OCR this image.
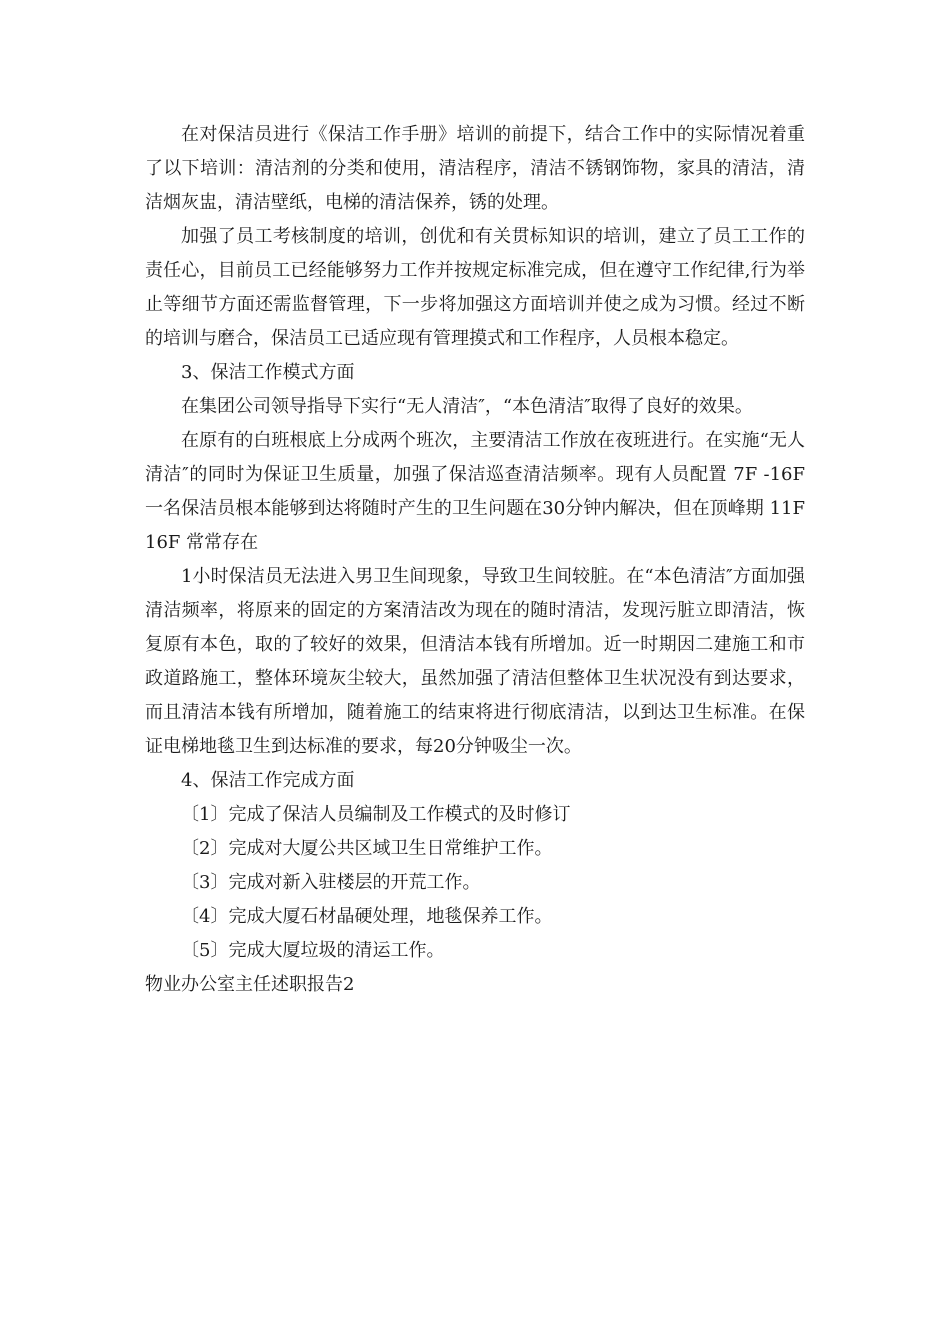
在对保洁员进行《保洁工作手册》培训的前提下，结合工作中的实际情况着重了以下培训：清洁剂的分类和使用，清洁程序，清洁不锈钢饰物，家具的清洁，清洁烟灰盅，清洁壁纸，电梯的清洁保养，锈的处理。

加强了员工考核制度的培训，创优和有关贯标知识的培训，建立了员工工作的责任心，目前员工已经能够努力工作并按规定标准完成，但在遵守工作纪律,行为举止等细节方面还需监督管理，下一步将加强这方面培训并使之成为习惯。经过不断的培训与磨合，保洁员工已适应现有管理摸式和工作程序，人员根本稳定。

3、保洁工作模式方面

在集团公司领导指导下实行“无人清洁″，“本色清洁″取得了良好的效果。

在原有的白班根底上分成两个班次，主要清洁工作放在夜班进行。在实施“无人清洁″的同时为保证卫生质量，加强了保洁巡查清洁频率。现有人员配置 7F -16F 一名保洁员根本能够到达将随时产生的卫生问题在30分钟内解决，但在顶峰期 11F 16F 常常存在

1小时保洁员无法进入男卫生间现象，导致卫生间较脏。在“本色清洁″方面加强清洁频率，将原来的固定的方案清洁改为现在的随时清洁，发现污脏立即清洁，恢复原有本色，取的了较好的效果，但清洁本钱有所增加。近一时期因二建施工和市政道路施工，整体环境灰尘较大，虽然加强了清洁但整体卫生状况没有到达要求，而且清洁本钱有所增加，随着施工的结束将进行彻底清洁，以到达卫生标准。在保证电梯地毯卫生到达标准的要求，每20分钟吸尘一次。

4、保洁工作完成方面

〔1〕完成了保洁人员编制及工作模式的及时修订

〔2〕完成对大厦公共区域卫生日常维护工作。

〔3〕完成对新入驻楼层的开荒工作。

〔4〕完成大厦石材晶硬处理，地毯保养工作。

〔5〕完成大厦垃圾的清运工作。

物业办公室主任述职报告2
